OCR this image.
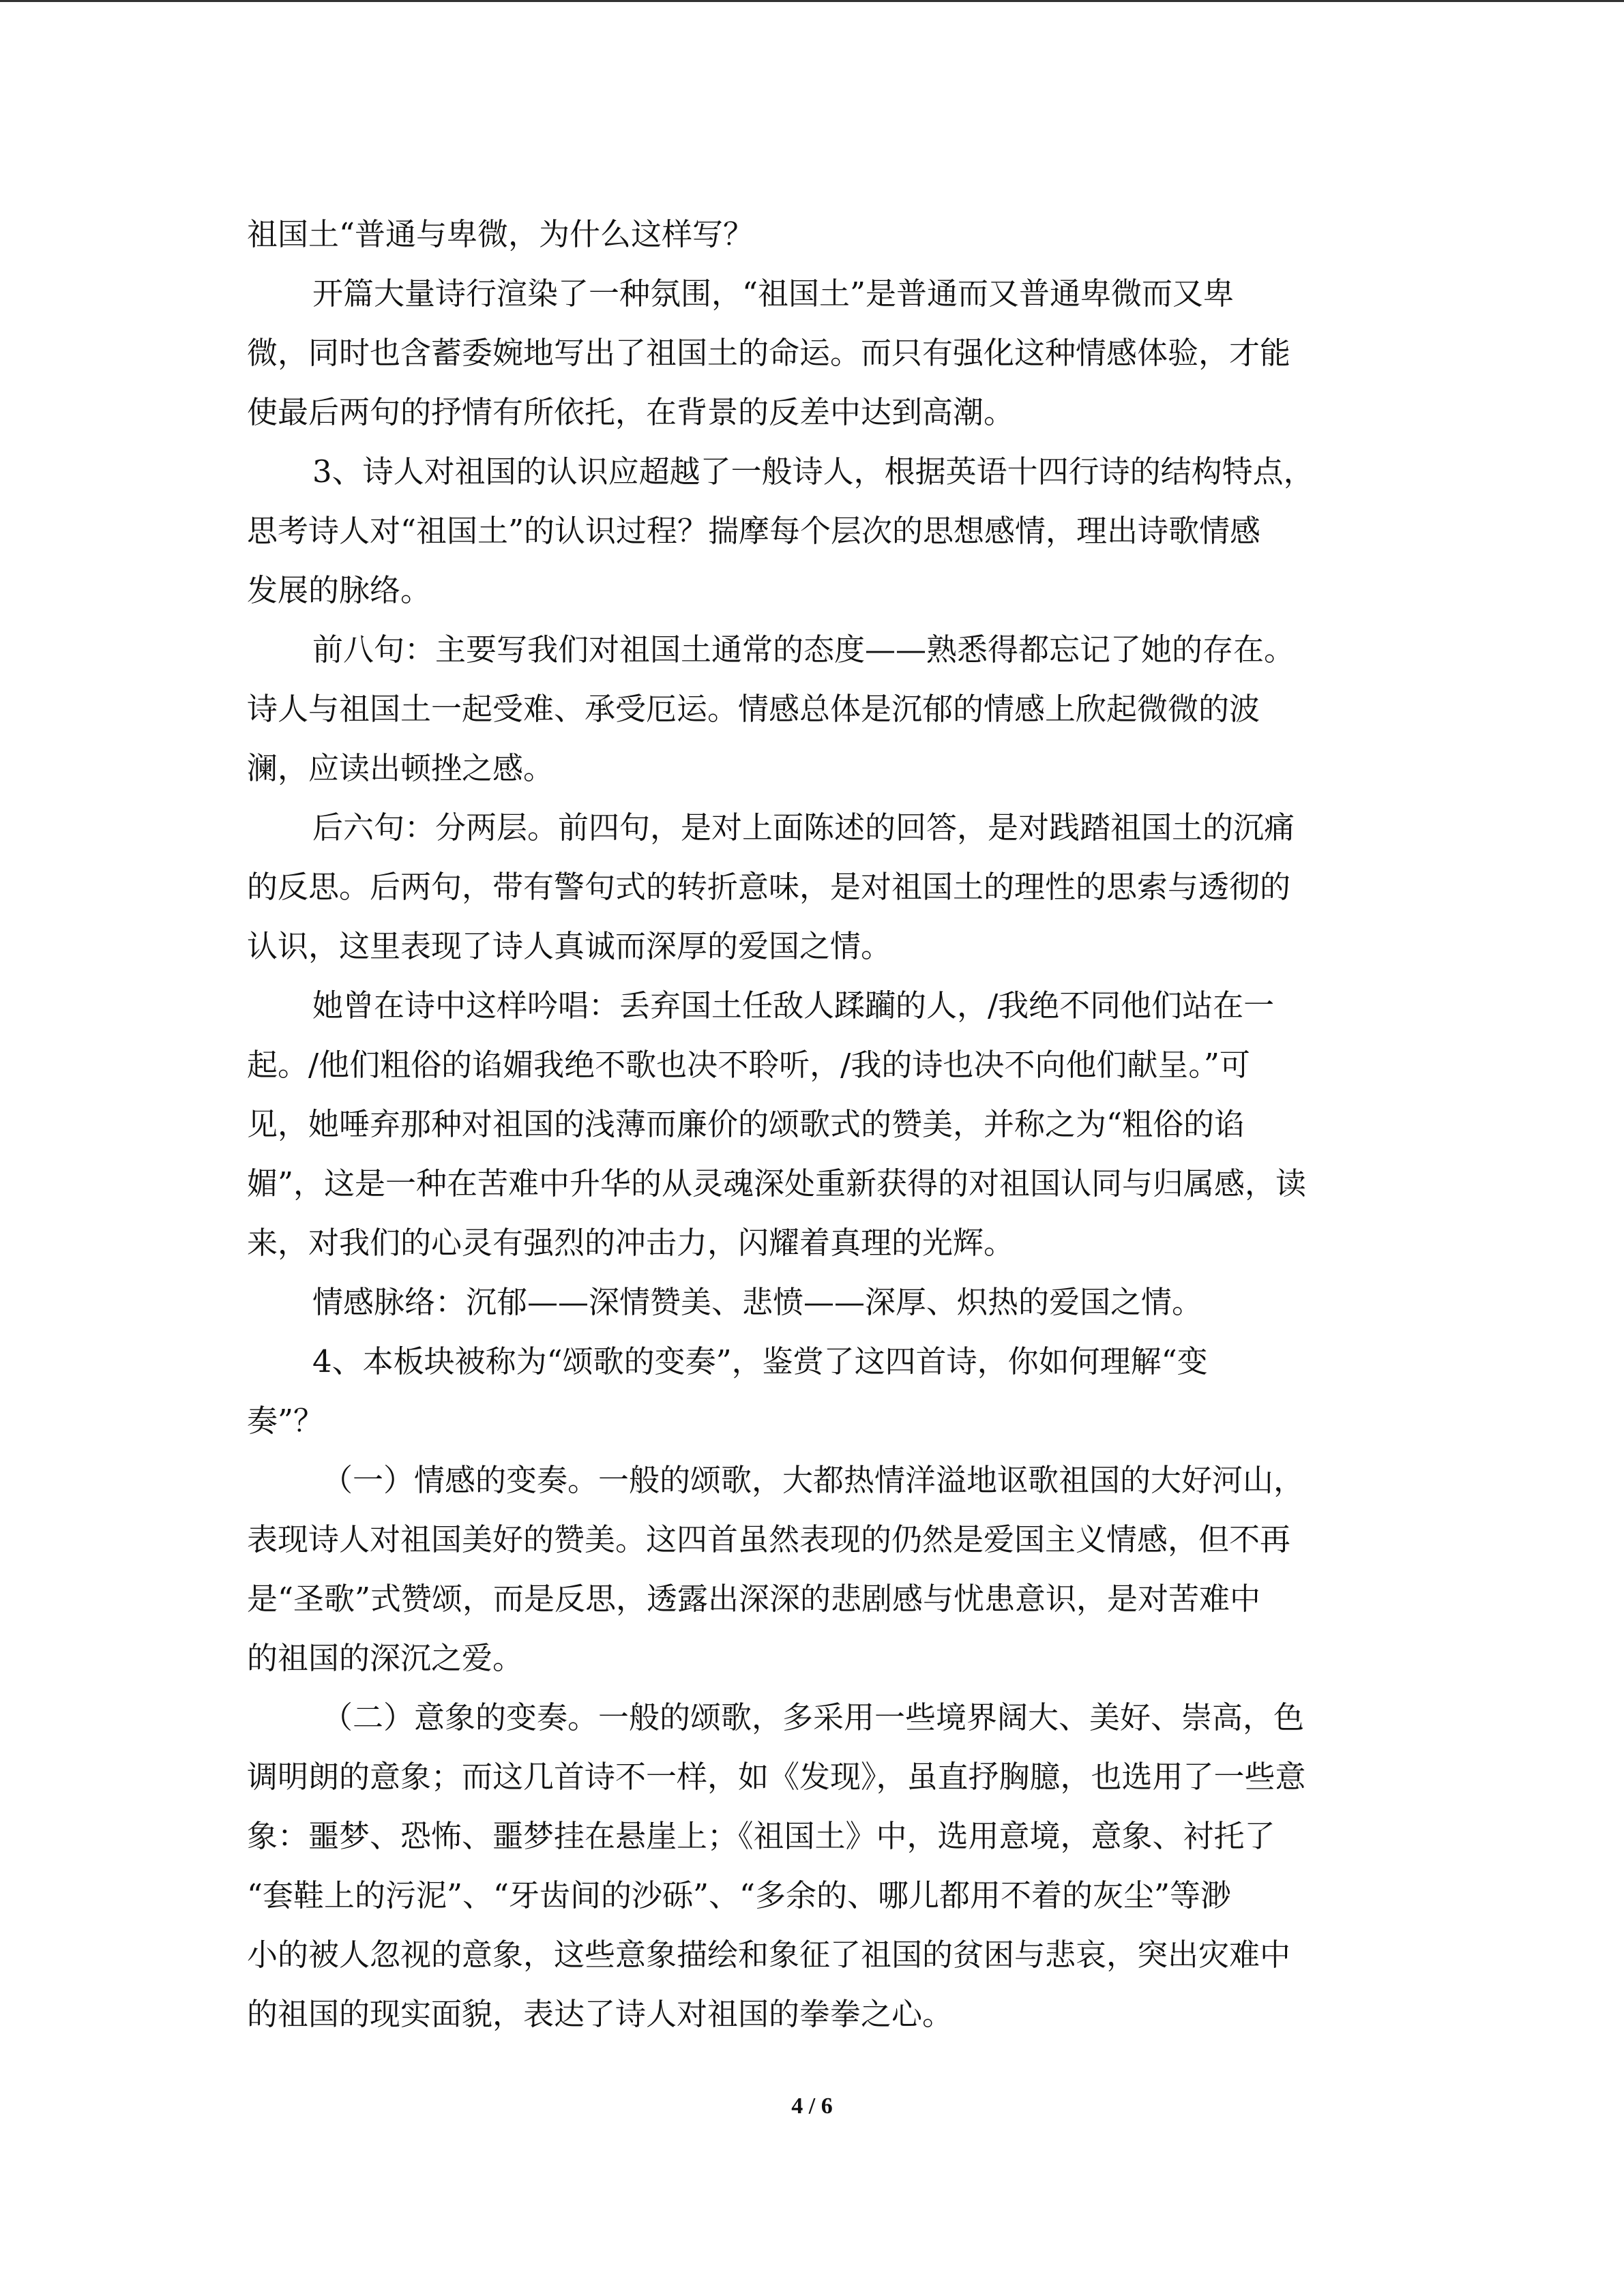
祖国土“普通与卑微，为什么这样写？
开篇大量诗行渲染了一种氛围，“祖国土”是普通而又普通卑微而又卑
微，同时也含蓄委婉地写出了祖国土的命运。而只有强化这种情感体验，才能
使最后两句的抒情有所依托，在背景的反差中达到高潮。
3、诗人对祖国的认识应超越了一般诗人，根据英语十四行诗的结构特点，
思考诗人对“祖国土”的认识过程？揣摩每个层次的思想感情，理出诗歌情感
发展的脉络。
前八句：主要写我们对祖国土通常的态度——熟悉得都忘记了她的存在。
诗人与祖国土一起受难、承受厄运。情感总体是沉郁的情感上欣起微微的波
澜，应读出顿挫之感。
后六句：分两层。前四句，是对上面陈述的回答，是对践踏祖国土的沉痛
的反思。后两句，带有警句式的转折意味，是对祖国土的理性的思索与透彻的
认识，这里表现了诗人真诚而深厚的爱国之情。
她曾在诗中这样吟唱：丢弃国土任敌人蹂躏的人，/我绝不同他们站在一
起。/他们粗俗的谄媚我绝不歌也决不聆听，/我的诗也决不向他们献呈。”可
见，她唾弃那种对祖国的浅薄而廉价的颂歌式的赞美，并称之为“粗俗的谄
媚”，这是一种在苦难中升华的从灵魂深处重新获得的对祖国认同与归属感，读
来，对我们的心灵有强烈的冲击力，闪耀着真理的光辉。
情感脉络：沉郁——深情赞美、悲愤——深厚、炽热的爱国之情。
4、本板块被称为“颂歌的变奏”，鉴赏了这四首诗，你如何理解“变
奏”？
（一）情感的变奏。一般的颂歌，大都热情洋溢地讴歌祖国的大好河山，
表现诗人对祖国美好的赞美。这四首虽然表现的仍然是爱国主义情感，但不再
是“圣歌”式赞颂，而是反思，透露出深深的悲剧感与忧患意识，是对苦难中
的祖国的深沉之爱。
（二）意象的变奏。一般的颂歌，多采用一些境界阔大、美好、崇高，色
调明朗的意象；而这几首诗不一样，如《发现》，虽直抒胸臆，也选用了一些意
象：噩梦、恐怖、噩梦挂在悬崖上；《祖国土》中，选用意境，意象、衬托了
“套鞋上的污泥”、“牙齿间的沙砾”、“多余的、哪儿都用不着的灰尘”等渺
小的被人忽视的意象，这些意象描绘和象征了祖国的贫困与悲哀，突出灾难中
的祖国的现实面貌，表达了诗人对祖国的拳拳之心。
4 / 6
